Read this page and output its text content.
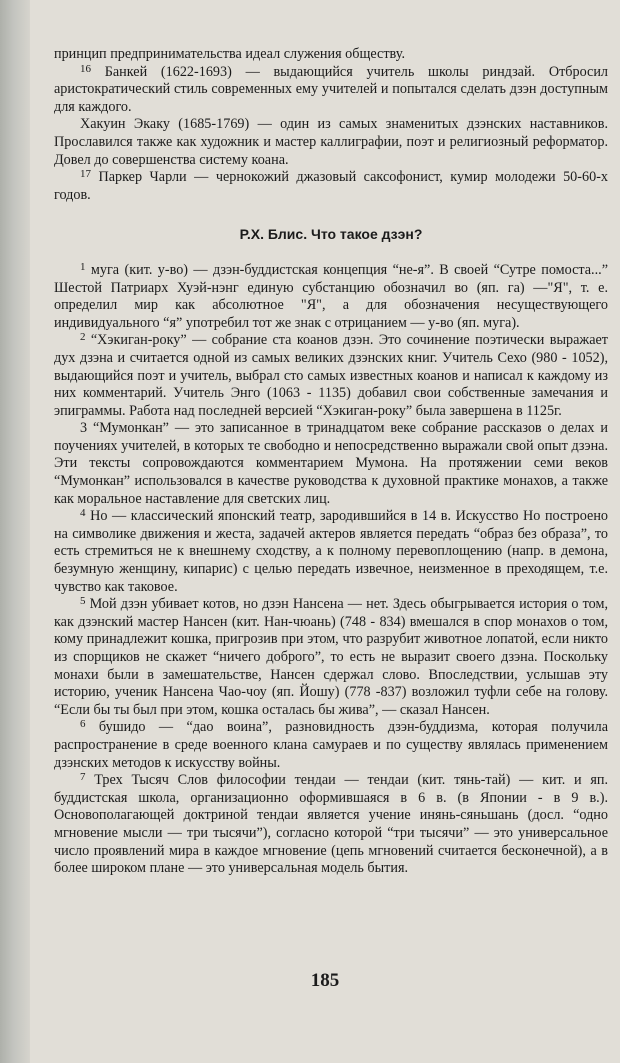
принцип предпринимательства идеал служения обществу.

$^{16}$ Банкей (1622-1693) — выдающийся учитель школы риндзай. Отбросил аристократический стиль современных ему учителей и попытался сделать дзэн доступным для каждого.

Хакуин Экаку (1685-1769) — один из самых знаменитых дзэнских наставников. Прославился также как художник и мастер каллиграфии, поэт и религиозный реформатор. Довел до совершенства систему коана.

$^{17}$ Паркер Чарли — чернокожий джазовый саксофонист, кумир молодежи 50-60-х годов.

Р.Х. Блис. Что такое дзэн?

$^1$ муга (кит. у-во) — дзэн-буддистская концепция “не-я”. В своей “Сутре помоста...” Шестой Патриарх Хуэй-нэнг единую субстанцию обозначил во (яп. га) —"Я", т. е. определил мир как абсолютное "Я", а для обозначения несуществующего индивидуального “я” употребил тот же знак с отрицанием — у-во (яп. муга).

$^2$ “Хэкиган-року” — собрание ста коанов дзэн. Это сочинение поэтически выражает дух дзэна и считается одной из самых великих дзэнских книг. Учитель Сехо (980 - 1052), выдающийся поэт и учитель, выбрал сто самых известных коанов и написал к каждому из них комментарий. Учитель Энго (1063 - 1135) добавил свои собственные замечания и эпиграммы. Работа над последней версией “Хэкиган-року” была завершена в 1125г.

3 “Мумонкан” — это записанное в тринадцатом веке собрание рассказов о делах и поучениях учителей, в которых те свободно и непосредственно выражали свой опыт дзэна. Эти тексты сопровождаются комментарием Мумона. На протяжении семи веков “Мумонкан” использовался в качестве руководства к духовной практике монахов, а также как моральное наставление для светских лиц.

$^4$ Но — классический японский театр, зародившийся в 14 в. Искусство Но построено на символике движения и жеста, задачей актеров является передать “образ без образа”, то есть стремиться не к внешнему сходству, а к полному перевоплощению (напр. в демона, безумную женщину, кипарис) с целью передать извечное, неизменное в преходящем, т.е. чувство как таковое.

$^5$ Мой дзэн убивает котов, но дзэн Нансена — нет. Здесь обыгрывается история о том, как дзэнский мастер Нансен (кит. Нан-чюань) (748 - 834) вмешался в спор монахов о том, кому принадлежит кошка, пригрозив при этом, что разрубит животное лопатой, если никто из спорщиков не скажет “ничего доброго”, то есть не выразит своего дзэна. Поскольку монахи были в замешательстве, Нансен сдержал слово. Впоследствии, услышав эту историю, ученик Нансена Чао-чоу (яп. Йошу) (778 -837) возложил туфли себе на голову. “Если бы ты был при этом, кошка осталась бы жива”, — сказал Нансен.

$^6$ бушидо — “дао воина”, разновидность дзэн-буддизма, которая получила распространение в среде военного клана самураев и по существу являлась применением дзэнских методов к искусству войны.

$^7$ Трех Тысяч Слов философии тендаи — тендаи (кит. тянь-тай) — кит. и яп. буддистская школа, организационно оформившаяся в 6 в. (в Японии - в 9 в.). Основополагающей доктриной тендаи является учение инянь-сяньшань (досл. “одно мгновение мысли — три тысячи”), согласно которой “три тысячи” — это универсальное число проявлений мира в каждое мгновение (цепь мгновений считается бесконечной), а в более широком плане — это универсальная модель бытия.

185
